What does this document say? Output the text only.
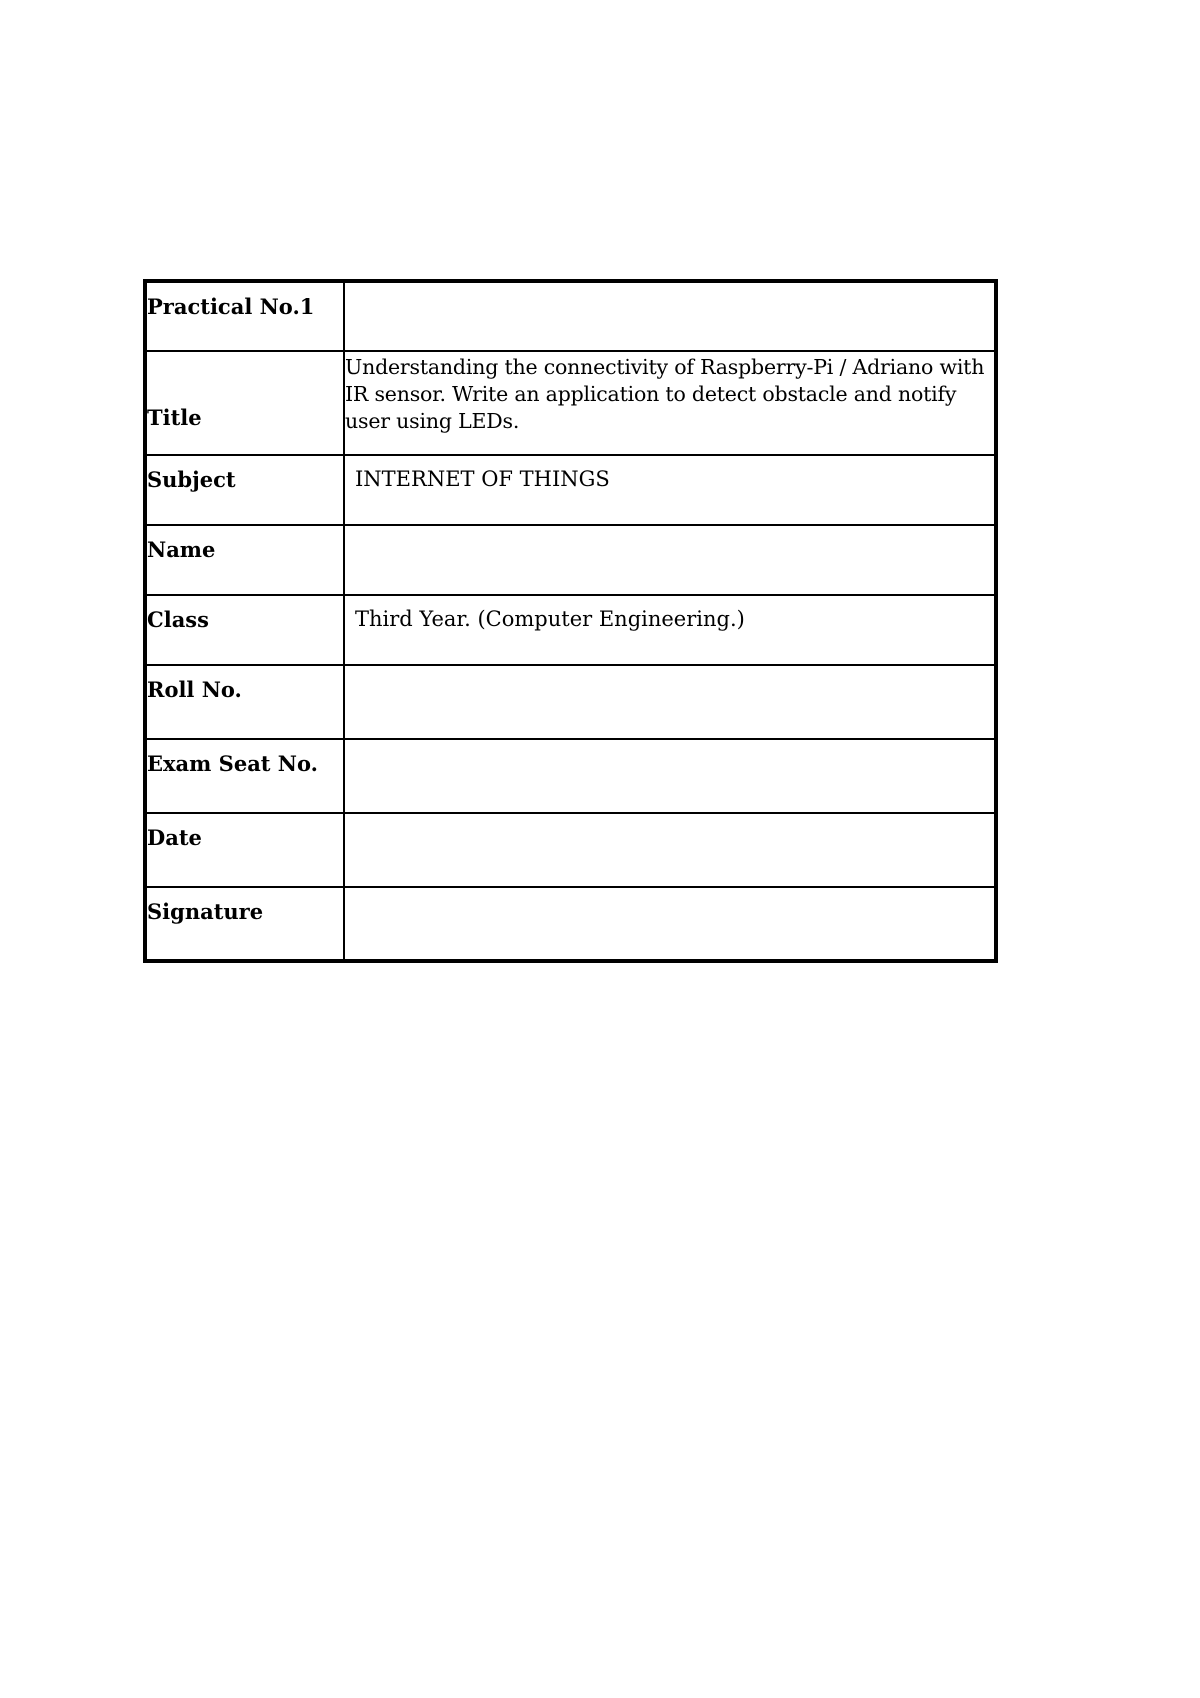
Practical No.1	
Title	Understanding the connectivity of Raspberry-Pi / Adriano with IR sensor. Write an application to detect obstacle and notify user using LEDs.
Subject	INTERNET OF THINGS
Name	
Class	Third Year. (Computer Engineering.)
Roll No.	
Exam Seat No.	
Date	
Signature	
